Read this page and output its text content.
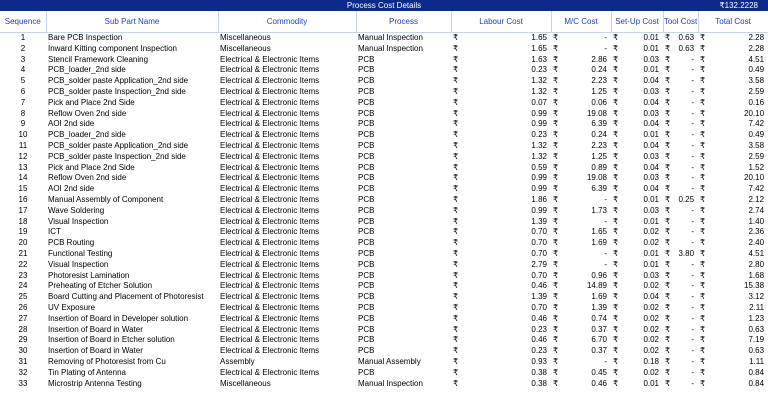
Process Cost Details	₹132.2228
Sequence	Sub Part Name	Commodity	Process	Labour Cost		M/C Cost		Set-Up Cost		Tool Cost		Total Cost	
1	Bare PCB Inspection	Miscellaneous	Manual Inspection	₹	1.65	₹	-	₹	0.01	₹	0.63	₹	2.28
2	Inward Kitting component Inspection	Miscellaneous	Manual Inspection	₹	1.65	₹	-	₹	0.01	₹	0.63	₹	2.28
3	Stencil Framework Cleaning	Electrical & Electronic Items	PCB	₹	1.63	₹	2.86	₹	0.03	₹	-	₹	4.51
4	PCB_loader_2nd side	Electrical & Electronic Items	PCB	₹	0.23	₹	0.24	₹	0.01	₹	-	₹	0.49
5	PCB_solder paste Application_2nd side	Electrical & Electronic Items	PCB	₹	1.32	₹	2.23	₹	0.04	₹	-	₹	3.58
6	PCB_solder paste Inspection_2nd side	Electrical & Electronic Items	PCB	₹	1.32	₹	1.25	₹	0.03	₹	-	₹	2.59
7	Pick and Place 2nd Side	Electrical & Electronic Items	PCB	₹	0.07	₹	0.06	₹	0.04	₹	-	₹	0.16
8	Reflow Oven 2nd side	Electrical & Electronic Items	PCB	₹	0.99	₹	19.08	₹	0.03	₹	-	₹	20.10
9	AOI 2nd side	Electrical & Electronic Items	PCB	₹	0.99	₹	6.39	₹	0.04	₹	-	₹	7.42
10	PCB_loader_2nd side	Electrical & Electronic Items	PCB	₹	0.23	₹	0.24	₹	0.01	₹	-	₹	0.49
11	PCB_solder paste Application_2nd side	Electrical & Electronic Items	PCB	₹	1.32	₹	2.23	₹	0.04	₹	-	₹	3.58
12	PCB_solder paste Inspection_2nd side	Electrical & Electronic Items	PCB	₹	1.32	₹	1.25	₹	0.03	₹	-	₹	2.59
13	Pick and Place 2nd Side	Electrical & Electronic Items	PCB	₹	0.59	₹	0.89	₹	0.04	₹	-	₹	1.52
14	Reflow Oven 2nd side	Electrical & Electronic Items	PCB	₹	0.99	₹	19.08	₹	0.03	₹	-	₹	20.10
15	AOI 2nd side	Electrical & Electronic Items	PCB	₹	0.99	₹	6.39	₹	0.04	₹	-	₹	7.42
16	Manual Assembly of Component	Electrical & Electronic Items	PCB	₹	1.86	₹	-	₹	0.01	₹	0.25	₹	2.12
17	Wave Soldering	Electrical & Electronic Items	PCB	₹	0.99	₹	1.73	₹	0.03	₹	-	₹	2.74
18	Visual Inspection	Electrical & Electronic Items	PCB	₹	1.39	₹	-	₹	0.01	₹	-	₹	1.40
19	ICT	Electrical & Electronic Items	PCB	₹	0.70	₹	1.65	₹	0.02	₹	-	₹	2.36
20	PCB Routing	Electrical & Electronic Items	PCB	₹	0.70	₹	1.69	₹	0.02	₹	-	₹	2.40
21	Functional Testing	Electrical & Electronic Items	PCB	₹	0.70	₹	-	₹	0.01	₹	3.80	₹	4.51
22	Visual Inspection	Electrical & Electronic Items	PCB	₹	2.79	₹	-	₹	0.01	₹	-	₹	2.80
23	Photoresist Lamination	Electrical & Electronic Items	PCB	₹	0.70	₹	0.96	₹	0.03	₹	-	₹	1.68
24	Preheating of Etcher Solution	Electrical & Electronic Items	PCB	₹	0.46	₹	14.89	₹	0.02	₹	-	₹	15.38
25	Board Cutting and Placement of Photoresist	Electrical & Electronic Items	PCB	₹	1.39	₹	1.69	₹	0.04	₹	-	₹	3.12
26	UV Exposure	Electrical & Electronic Items	PCB	₹	0.70	₹	1.39	₹	0.02	₹	-	₹	2.11
27	Insertion of Board in Developer solution	Electrical & Electronic Items	PCB	₹	0.46	₹	0.74	₹	0.02	₹	-	₹	1.23
28	Insertion of Board in Water	Electrical & Electronic Items	PCB	₹	0.23	₹	0.37	₹	0.02	₹	-	₹	0.63
29	Insertion of Board in Etcher solution	Electrical & Electronic Items	PCB	₹	0.46	₹	6.70	₹	0.02	₹	-	₹	7.19
30	Insertion of Board in Water	Electrical & Electronic Items	PCB	₹	0.23	₹	0.37	₹	0.02	₹	-	₹	0.63
31	Removing of Photoresist from Cu	Assembly	Manual Assembly	₹	0.93	₹	-	₹	0.18	₹	-	₹	1.11
32	Tin Plating of Antenna	Electrical & Electronic Items	PCB	₹	0.38	₹	0.45	₹	0.02	₹	-	₹	0.84
33	Microstrip Antenna Testing	Miscellaneous	Manual Inspection	₹	0.38	₹	0.46	₹	0.01	₹	-	₹	0.84
